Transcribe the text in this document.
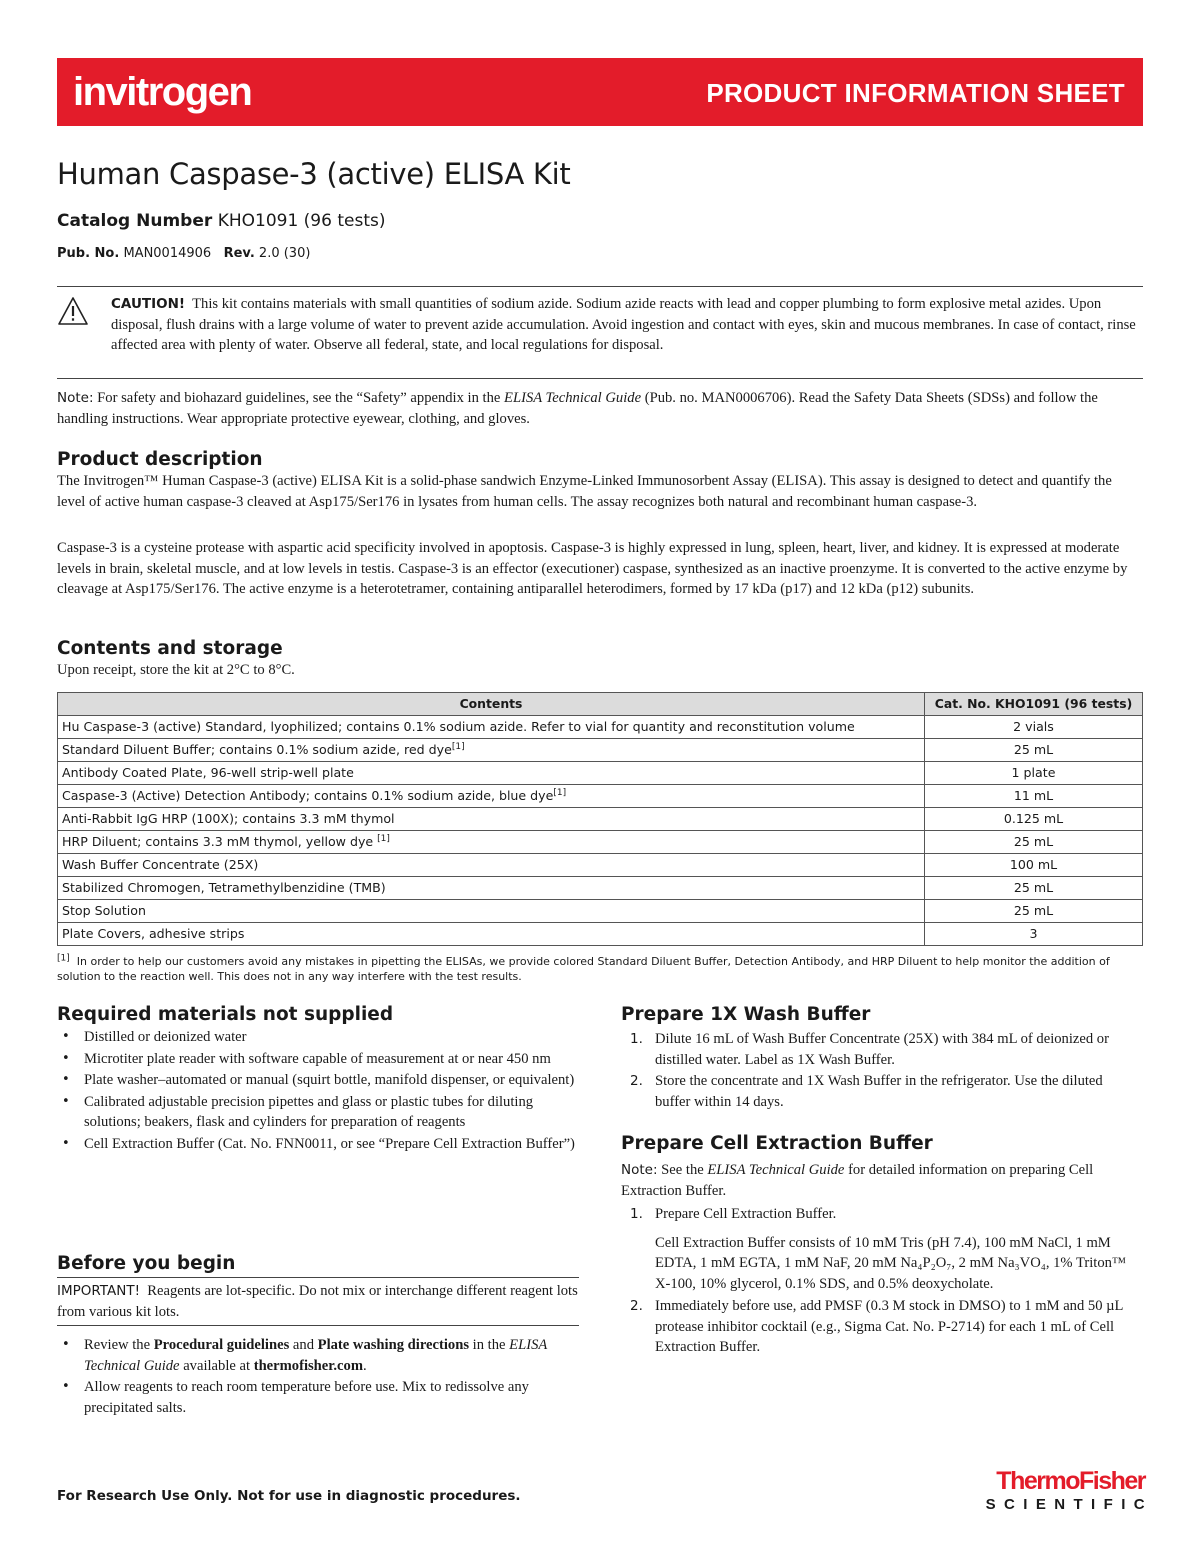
invitrogen	PRODUCT INFORMATION SHEET
Human Caspase-3 (active) ELISA Kit
Catalog Number KHO1091 (96 tests)
Pub. No. MAN0014906 Rev. 2.0 (30)
CAUTION! This kit contains materials with small quantities of sodium azide. Sodium azide reacts with lead and copper plumbing to form explosive metal azides. Upon disposal, flush drains with a large volume of water to prevent azide accumulation. Avoid ingestion and contact with eyes, skin and mucous membranes. In case of contact, rinse affected area with plenty of water. Observe all federal, state, and local regulations for disposal.
Note: For safety and biohazard guidelines, see the “Safety” appendix in the ELISA Technical Guide (Pub. no. MAN0006706). Read the Safety Data Sheets (SDSs) and follow the handling instructions. Wear appropriate protective eyewear, clothing, and gloves.
Product description
The Invitrogen™ Human Caspase-3 (active) ELISA Kit is a solid-phase sandwich Enzyme-Linked Immunosorbent Assay (ELISA). This assay is designed to detect and quantify the level of active human caspase-3 cleaved at Asp175/Ser176 in lysates from human cells. The assay recognizes both natural and recombinant human caspase-3.
Caspase-3 is a cysteine protease with aspartic acid specificity involved in apoptosis. Caspase-3 is highly expressed in lung, spleen, heart, liver, and kidney. It is expressed at moderate levels in brain, skeletal muscle, and at low levels in testis. Caspase-3 is an effector (executioner) caspase, synthesized as an inactive proenzyme. It is converted to the active enzyme by cleavage at Asp175/Ser176. The active enzyme is a heterotetramer, containing antiparallel heterodimers, formed by 17 kDa (p17) and 12 kDa (p12) subunits.
Contents and storage
Upon receipt, store the kit at 2°C to 8°C.
Contents	Cat. No. KHO1091 (96 tests)
Hu Caspase-3 (active) Standard, lyophilized; contains 0.1% sodium azide. Refer to vial for quantity and reconstitution volume	2 vials
Standard Diluent Buffer; contains 0.1% sodium azide, red dye[1]	25 mL
Antibody Coated Plate, 96-well strip-well plate	1 plate
Caspase-3 (Active) Detection Antibody; contains 0.1% sodium azide, blue dye[1]	11 mL
Anti-Rabbit IgG HRP (100X); contains 3.3 mM thymol	0.125 mL
HRP Diluent; contains 3.3 mM thymol, yellow dye [1]	25 mL
Wash Buffer Concentrate (25X)	100 mL
Stabilized Chromogen, Tetramethylbenzidine (TMB)	25 mL
Stop Solution	25 mL
Plate Covers, adhesive strips	3
[1] In order to help our customers avoid any mistakes in pipetting the ELISAs, we provide colored Standard Diluent Buffer, Detection Antibody, and HRP Diluent to help monitor the addition of solution to the reaction well. This does not in any way interfere with the test results.
Required materials not supplied
• Distilled or deionized water
• Microtiter plate reader with software capable of measurement at or near 450 nm
• Plate washer–automated or manual (squirt bottle, manifold dispenser, or equivalent)
• Calibrated adjustable precision pipettes and glass or plastic tubes for diluting solutions; beakers, flask and cylinders for preparation of reagents
• Cell Extraction Buffer (Cat. No. FNN0011, or see “Prepare Cell Extraction Buffer”)
Before you begin
IMPORTANT! Reagents are lot-specific. Do not mix or interchange different reagent lots from various kit lots.
• Review the Procedural guidelines and Plate washing directions in the ELISA Technical Guide available at thermofisher.com.
• Allow reagents to reach room temperature before use. Mix to redissolve any precipitated salts.
Prepare 1X Wash Buffer
1. Dilute 16 mL of Wash Buffer Concentrate (25X) with 384 mL of deionized or distilled water. Label as 1X Wash Buffer.
2. Store the concentrate and 1X Wash Buffer in the refrigerator. Use the diluted buffer within 14 days.
Prepare Cell Extraction Buffer
Note: See the ELISA Technical Guide for detailed information on preparing Cell Extraction Buffer.
1. Prepare Cell Extraction Buffer.
Cell Extraction Buffer consists of 10 mM Tris (pH 7.4), 100 mM NaCl, 1 mM EDTA, 1 mM EGTA, 1 mM NaF, 20 mM Na₄P₂O₇, 2 mM Na₃VO₄, 1% Triton™ X-100, 10% glycerol, 0.1% SDS, and 0.5% deoxycholate.
2. Immediately before use, add PMSF (0.3 M stock in DMSO) to 1 mM and 50 µL protease inhibitor cocktail (e.g., Sigma Cat. No. P-2714) for each 1 mL of Cell Extraction Buffer.
For Research Use Only. Not for use in diagnostic procedures.
ThermoFisher
SCIENTIFIC
